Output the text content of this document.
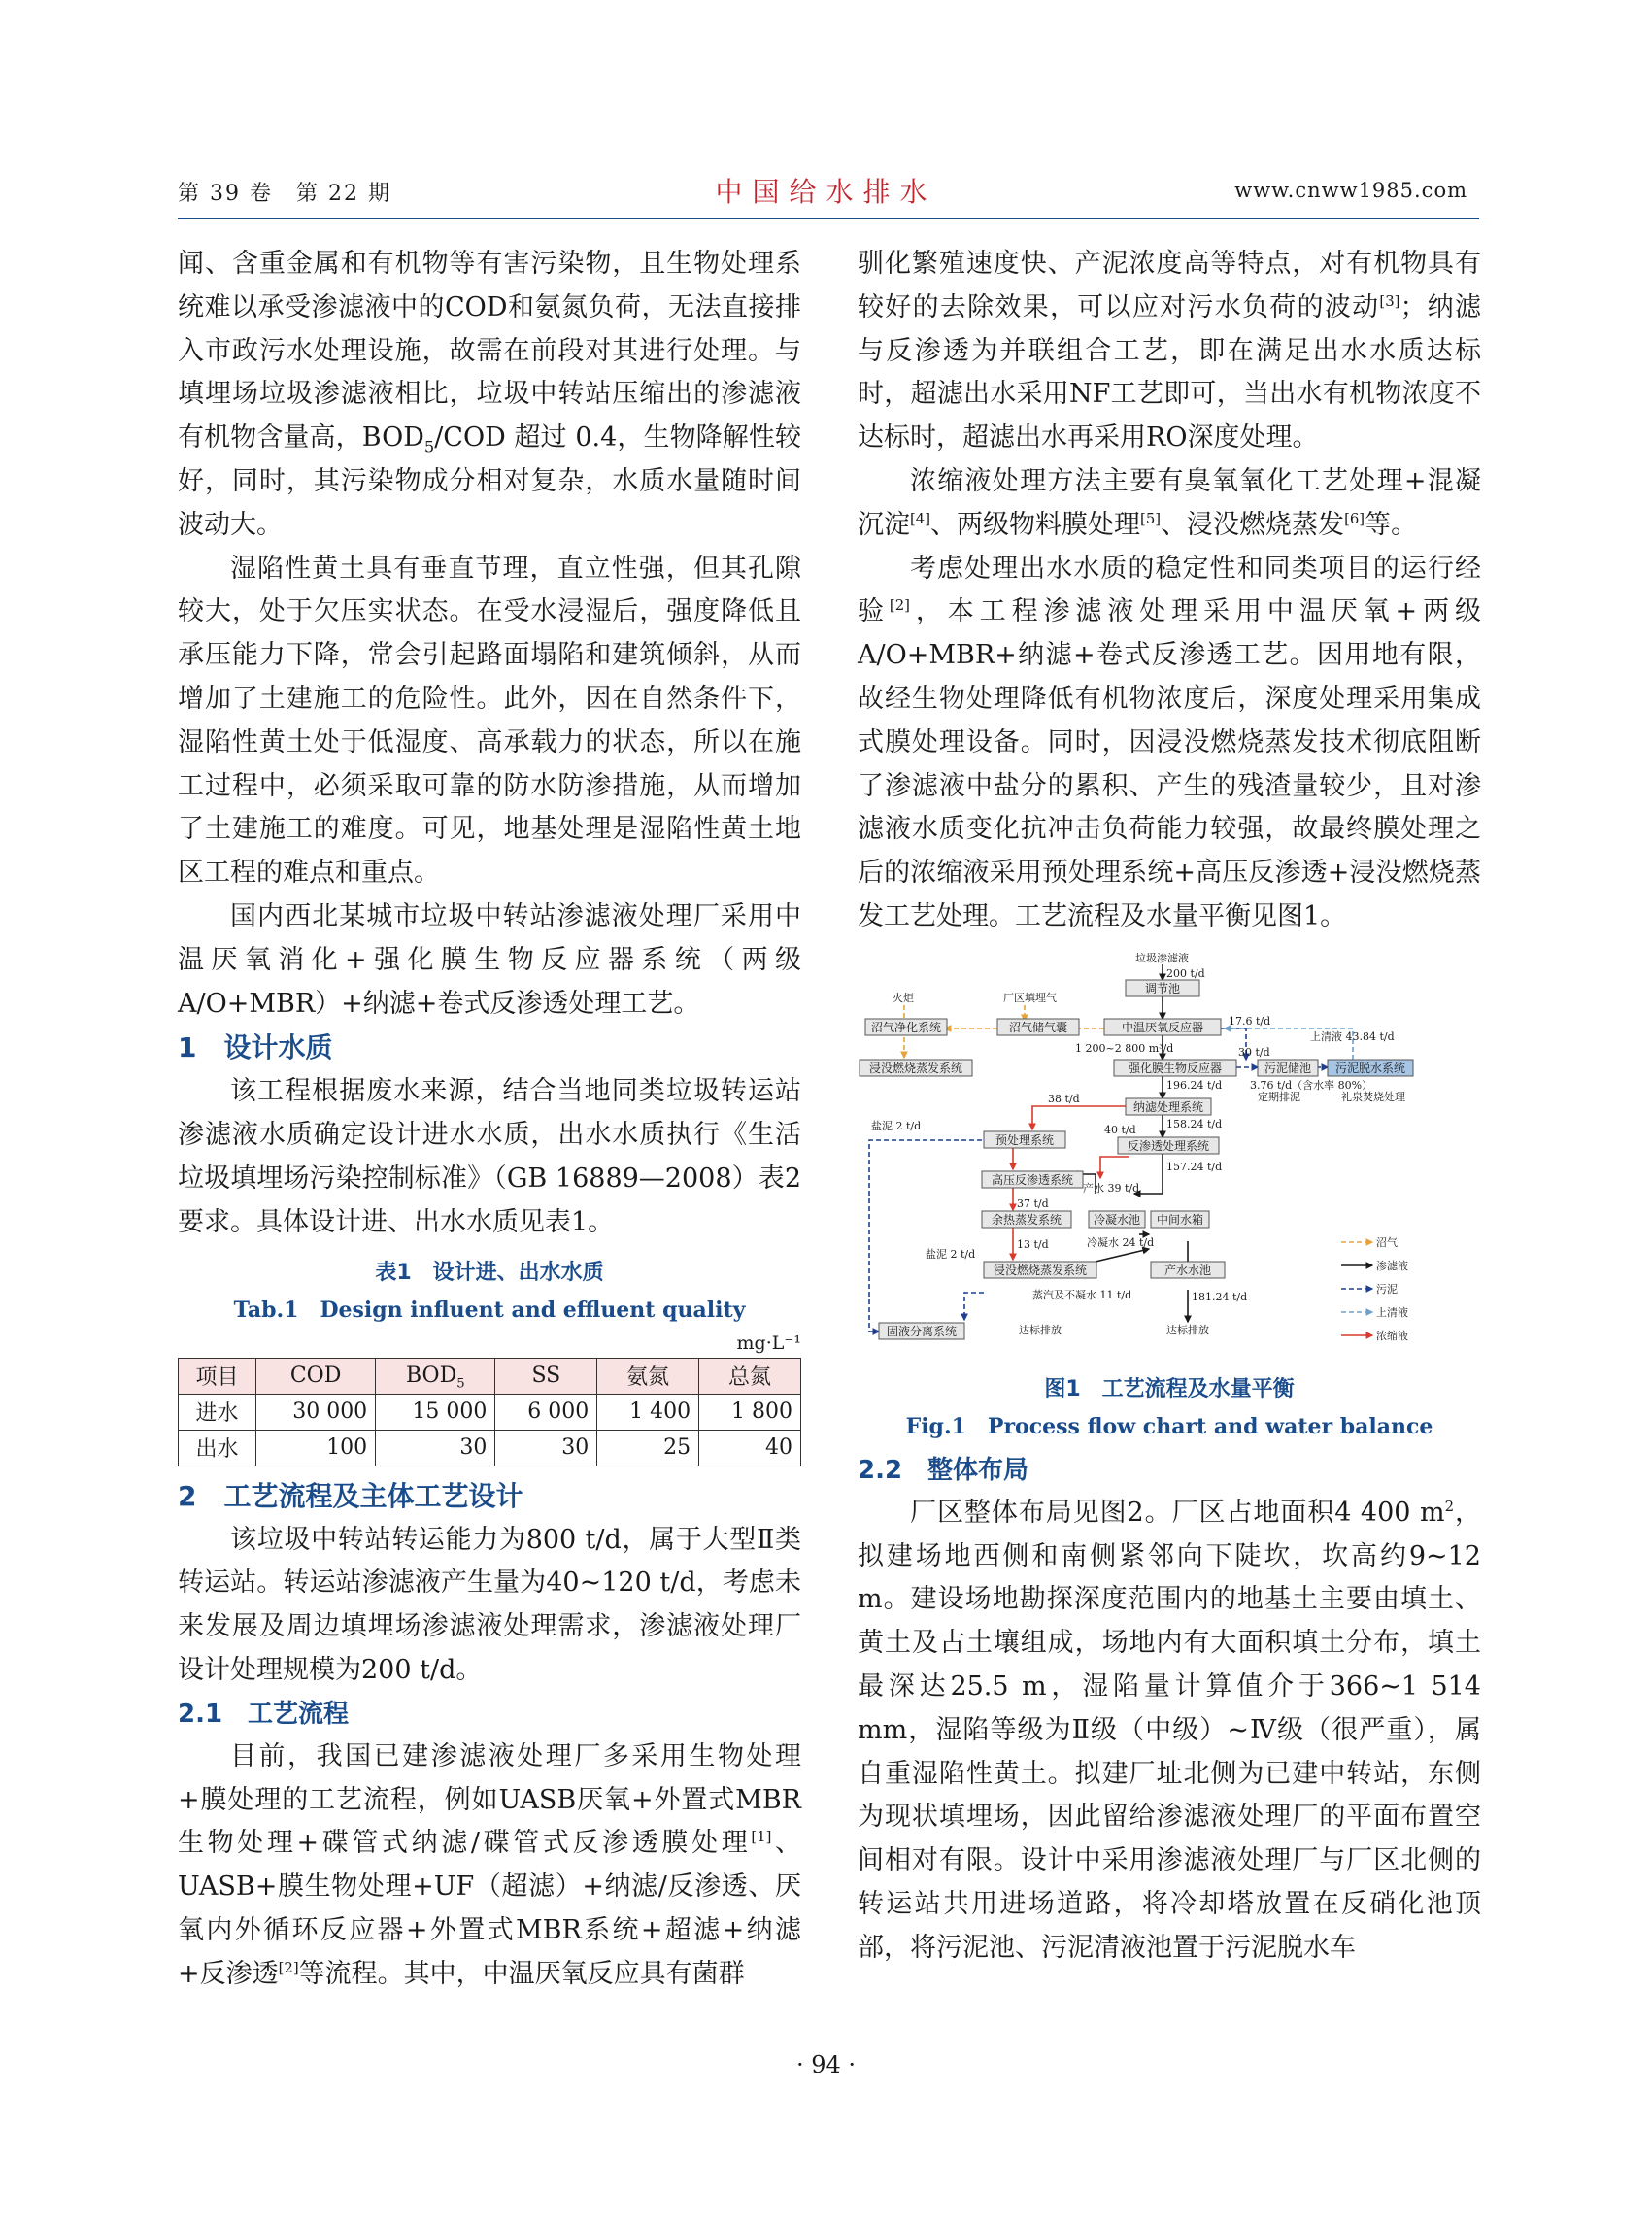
第 39 卷　第 22 期	中国给水排水	www.cnww1985.com

闻、含重金属和有机物等有害污染物，且生物处理系统难以承受渗滤液中的COD和氨氮负荷，无法直接排入市政污水处理设施，故需在前段对其进行处理。与填埋场垃圾渗滤液相比，垃圾中转站压缩出的渗滤液有机物含量高，$BOD_5$/COD 超过 0.4，生物降解性较好，同时，其污染物成分相对复杂，水质水量随时间波动大。

湿陷性黄土具有垂直节理，直立性强，但其孔隙较大，处于欠压实状态。在受水浸湿后，强度降低且承压能力下降，常会引起路面塌陷和建筑倾斜，从而增加了土建施工的危险性。此外，因在自然条件下，湿陷性黄土处于低湿度、高承载力的状态，所以在施工过程中，必须采取可靠的防水防渗措施，从而增加了土建施工的难度。可见，地基处理是湿陷性黄土地区工程的难点和重点。

国内西北某城市垃圾中转站渗滤液处理厂采用中温厌氧消化+强化膜生物反应器系统（两级A/O+MBR）+纳滤+卷式反渗透处理工艺。

1　设计水质

该工程根据废水来源，结合当地同类垃圾转运站渗滤液水质确定设计进水水质，出水水质执行《生活垃圾填埋场污染控制标准》（GB 16889—2008）表2要求。具体设计进、出水水质见表1。

表1　设计进、出水水质
Tab.1　Design influent and effluent quality
mg·L⁻¹
项目	COD	$BOD_5$	SS	氨氮	总氮
进水	30 000	15 000	6 000	1 400	1 800
出水	100	30	30	25	40
2　工艺流程及主体工艺设计

该垃圾中转站转运能力为800 t/d，属于大型Ⅱ类转运站。转运站渗滤液产生量为40~120 t/d，考虑未来发展及周边填埋场渗滤液处理需求，渗滤液处理厂设计处理规模为200 t/d。

2.1　工艺流程

目前，我国已建渗滤液处理厂多采用生物处理+膜处理的工艺流程，例如UASB厌氧+外置式MBR生物处理+碟管式纳滤/碟管式反渗透膜处理[1]、UASB+膜生物处理+UF（超滤）+纳滤/反渗透、厌氧内外循环反应器+外置式MBR系统+超滤+纳滤+反渗透[2]等流程。其中，中温厌氧反应具有菌群

驯化繁殖速度快、产泥浓度高等特点，对有机物具有较好的去除效果，可以应对污水负荷的波动[3]；纳滤与反渗透为并联组合工艺，即在满足出水水质达标时，超滤出水采用NF工艺即可，当出水有机物浓度不达标时，超滤出水再采用RO深度处理。

浓缩液处理方法主要有臭氧氧化工艺处理+混凝沉淀[4]、两级物料膜处理[5]、浸没燃烧蒸发[6]等。

考虑处理出水水质的稳定性和同类项目的运行经验[2]，本工程渗滤液处理采用中温厌氧+两级A/O+MBR+纳滤+卷式反渗透工艺。因用地有限，故经生物处理降低有机物浓度后，深度处理采用集成式膜处理设备。同时，因浸没燃烧蒸发技术彻底阻断了渗滤液中盐分的累积、产生的残渣量较少，且对渗滤液水质变化抗冲击负荷能力较强，故最终膜处理之后的浓缩液采用预处理系统+高压反渗透+浸没燃烧蒸发工艺处理。工艺流程及水量平衡见图1。

调节池
中温厌氧反应器
沼气储气囊
沼气净化系统
浸没燃烧蒸发系统	强化膜生物反应器	污泥储池 污泥脱水系统
纳滤处理系统
预处理系统	反渗透处理系统
高压反渗透系统
余热蒸发系统	冷凝水池 中间水箱
浸没燃烧蒸发系统	产水水池
固液分离系统
垃圾渗滤液
200 t/d
火炬	厂区填埋气
17.6 t/d
上清液 43.84 t/d
1 200~2 800 m³/d	30 t/d
196.24 t/d	3.76 t/d（含水率 80%）
定期排泥	礼泉焚烧处理
38 t/d
158.24 t/d
盐泥 2 t/d	40 t/d
157.24 t/d
产水 39 t/d
37 t/d
冷凝水 24 t/d
13 t/d
盐泥 2 t/d
蒸汽及不凝水 11 t/d	181.24 t/d
达标排放	达标排放
沼气
渗滤液
污泥
上清液
浓缩液
图1　工艺流程及水量平衡
Fig.1　Process flow chart and water balance
2.2　整体布局

厂区整体布局见图2。厂区占地面积4 400 $m^2$，拟建场地西侧和南侧紧邻向下陡坎，坎高约9~12 m。建设场地勘探深度范围内的地基土主要由填土、黄土及古土壤组成，场地内有大面积填土分布，填土最深达25.5 m，湿陷量计算值介于366~1 514 mm，湿陷等级为Ⅱ级（中级）~Ⅳ级（很严重），属自重湿陷性黄土。拟建厂址北侧为已建中转站，东侧为现状填埋场，因此留给渗滤液处理厂的平面布置空间相对有限。设计中采用渗滤液处理厂与厂区北侧的转运站共用进场道路，将冷却塔放置在反硝化池顶部，将污泥池、污泥清液池置于污泥脱水车

· 94 ·
